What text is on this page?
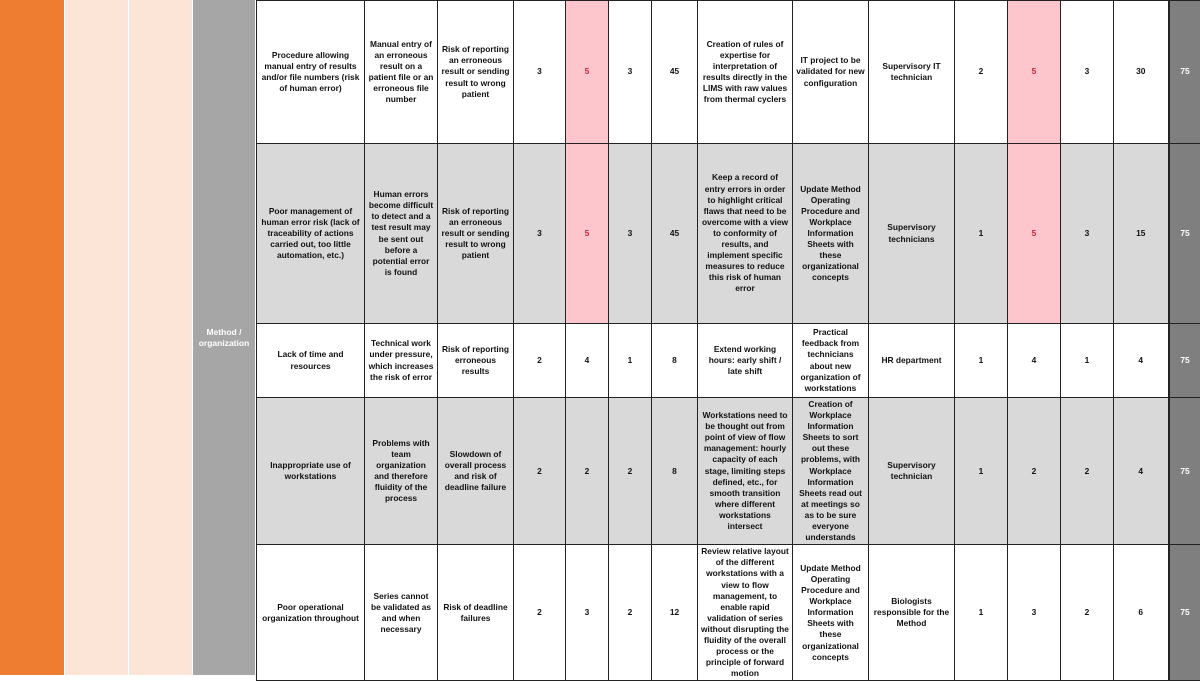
Method / organization
Procedure allowing manual entry of results and/or file numbers (risk of human error)	Manual entry of an erroneous result on a patient file or an erroneous file number	Risk of reporting an erroneous result or sending result to wrong patient	3	5	3	45	Creation of rules of expertise for interpretation of results directly in the LIMS with raw values from thermal cyclers	IT project to be validated for new configuration	Supervisory IT technician	2	5	3	30	75
Poor management of human error risk (lack of traceability of actions carried out, too little automation, etc.)	Human errors become difficult to detect and a test result may be sent out before a potential error is found	Risk of reporting an erroneous result or sending result to wrong patient	3	5	3	45	Keep a record of entry errors in order to highlight critical flaws that need to be overcome with a view to conformity of results, and implement specific measures to reduce this risk of human error	Update Method Operating Procedure and Workplace Information Sheets with these organizational concepts	Supervisory technicians	1	5	3	15	75
Lack of time and resources	Technical work under pressure, which increases the risk of error	Risk of reporting erroneous results	2	4	1	8	Extend working hours: early shift / late shift	Practical feedback from technicians about new organization of workstations	HR department	1	4	1	4	75
Inappropriate use of workstations	Problems with team organization and therefore fluidity of the process	Slowdown of overall process and risk of deadline failure	2	2	2	8	Workstations need to be thought out from point of view of flow management: hourly capacity of each stage, limiting steps defined, etc., for smooth transition where different workstations intersect	Creation of Workplace Information Sheets to sort out these problems, with Workplace Information Sheets read out at meetings so as to be sure everyone understands	Supervisory technician	1	2	2	4	75
Poor operational organization throughout	Series cannot be validated as and when necessary	Risk of deadline failures	2	3	2	12	Review relative layout of the different workstations with a view to flow management, to enable rapid validation of series without disrupting the fluidity of the overall process or the principle of forward motion	Update Method Operating Procedure and Workplace Information Sheets with these organizational concepts	Biologists responsible for the Method	1	3	2	6	75
